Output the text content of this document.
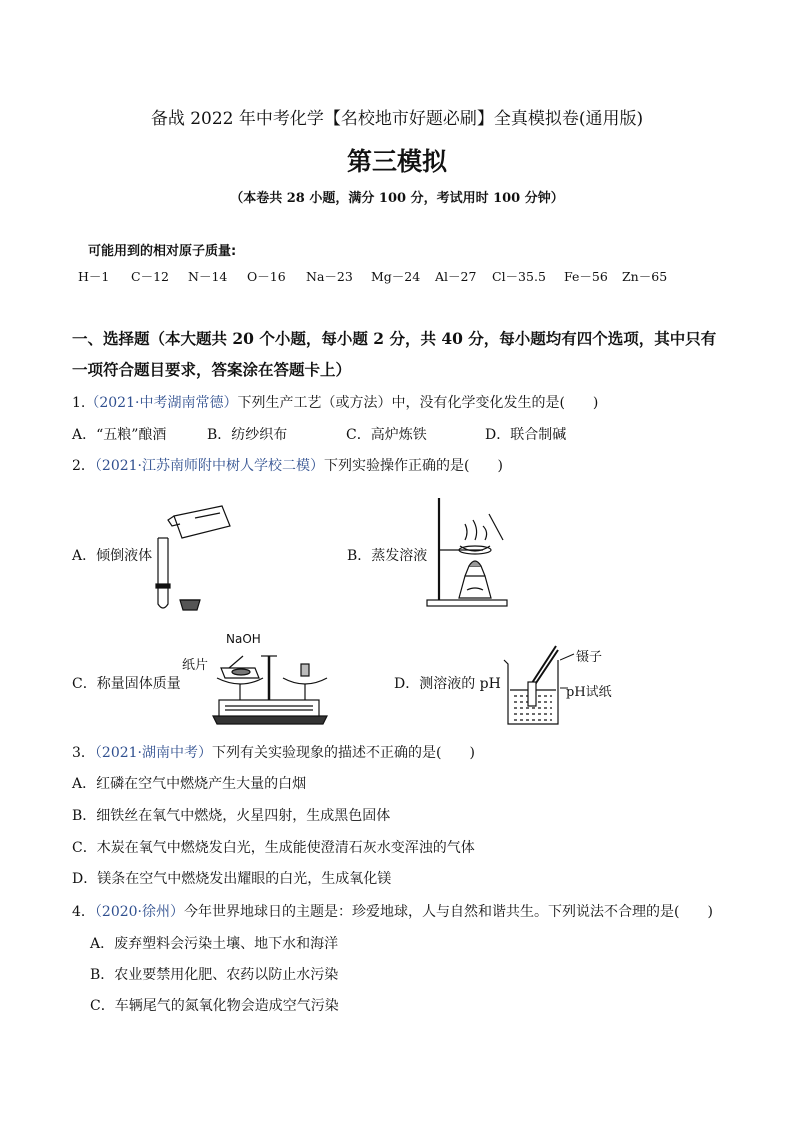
备战 2022 年中考化学【名校地市好题必刷】全真模拟卷(通用版)
第三模拟
（本卷共 28 小题，满分 100 分，考试用时 100 分钟）
可能用到的相对原子质量:
H－1	C－12	N－14	O－16	Na－23	Mg－24	Al－27	Cl－35.5	Fe－56	Zn－65
一、选择题（本大题共 20 个小题，每小题 2 分，共 40 分，每小题均有四个选项，其中只有
一项符合题目要求，答案涂在答题卡上）
1.（2021·中考湖南常德）下列生产工艺（或方法）中，没有化学变化发生的是(　　)
A．“五粮”酿酒	B．纺纱织布	C．高炉炼铁	D．联合制碱
2．（2021·江苏南师附中树人学校二模）下列实验操作正确的是(　　)
A．倾倒液体	B．蒸发溶液
NaOH
纸片
C．称量固体质量	D．测溶液的 pH
镊子
pH试纸
3．（2021·湖南中考）下列有关实验现象的描述不正确的是(　　)
A．红磷在空气中燃烧产生大量的白烟
B．细铁丝在氧气中燃烧，火星四射，生成黑色固体
C．木炭在氧气中燃烧发白光，生成能使澄清石灰水变浑浊的气体
D．镁条在空气中燃烧发出耀眼的白光，生成氧化镁
4．（2020·徐州）今年世界地球日的主题是：珍爱地球，人与自然和谐共生。下列说法不合理的是(　　)
A．废弃塑料会污染土壤、地下水和海洋
B．农业要禁用化肥、农药以防止水污染
C．车辆尾气的氮氧化物会造成空气污染
